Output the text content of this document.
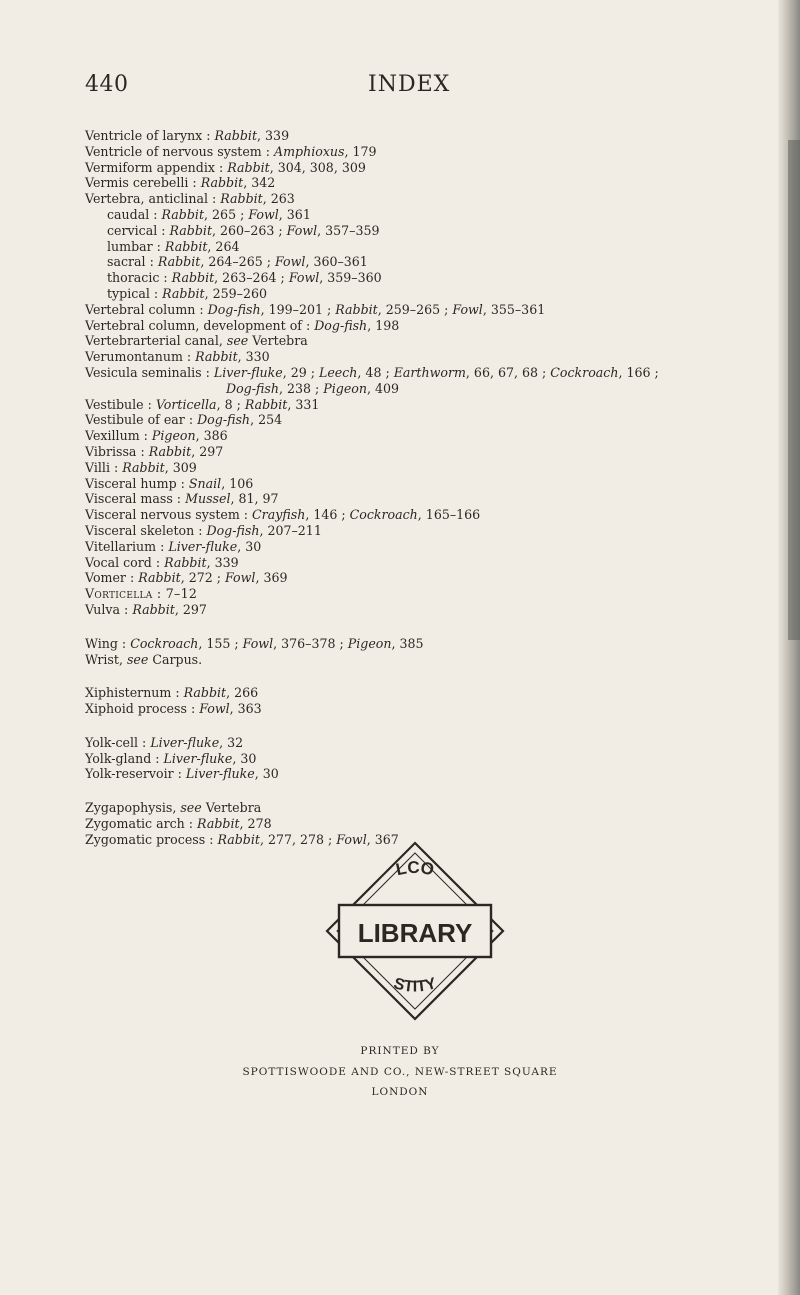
440	INDEX
Ventricle of larynx : Rabbit, 339
Ventricle of nervous system : Amphioxus, 179
Vermiform appendix : Rabbit, 304, 308, 309
Vermis cerebelli : Rabbit, 342
Vertebra, anticlinal : Rabbit, 263
caudal : Rabbit, 265 ; Fowl, 361
cervical : Rabbit, 260–263 ; Fowl, 357–359
lumbar : Rabbit, 264
sacral : Rabbit, 264–265 ; Fowl, 360–361
thoracic : Rabbit, 263–264 ; Fowl, 359–360
typical : Rabbit, 259–260
Vertebral column : Dog-fish, 199–201 ; Rabbit, 259–265 ; Fowl, 355–361
Vertebral column, development of : Dog-fish, 198
Vertebrarterial canal, see Vertebra
Verumontanum : Rabbit, 330
Vesicula seminalis : Liver-fluke, 29 ; Leech, 48 ; Earthworm, 66, 67, 68 ; Cockroach, 166 ;
Dog-fish, 238 ; Pigeon, 409
Vestibule : Vorticella, 8 ; Rabbit, 331
Vestibule of ear : Dog-fish, 254
Vexillum : Pigeon, 386
Vibrissa : Rabbit, 297
Villi : Rabbit, 309
Visceral hump : Snail, 106
Visceral mass : Mussel, 81, 97
Visceral nervous system : Crayfish, 146 ; Cockroach, 165–166
Visceral skeleton : Dog-fish, 207–211
Vitellarium : Liver-fluke, 30
Vocal cord : Rabbit, 339
Vomer : Rabbit, 272 ; Fowl, 369
Vorticella : 7–12
Vulva : Rabbit, 297
Wing : Cockroach, 155 ; Fowl, 376–378 ; Pigeon, 385
Wrist, see Carpus.
Xiphisternum : Rabbit, 266
Xiphoid process : Fowl, 363
Yolk-cell : Liver-fluke, 32
Yolk-gland : Liver-fluke, 30
Yolk-reservoir : Liver-fluke, 30
Zygapophysis, see Vertebra
Zygomatic arch : Rabbit, 278
Zygomatic process : Rabbit, 277, 278 ; Fowl, 367
LIBRARY
LCO
STITY
PRINTED BY
SPOTTISWOODE AND CO., NEW-STREET SQUARE
LONDON
